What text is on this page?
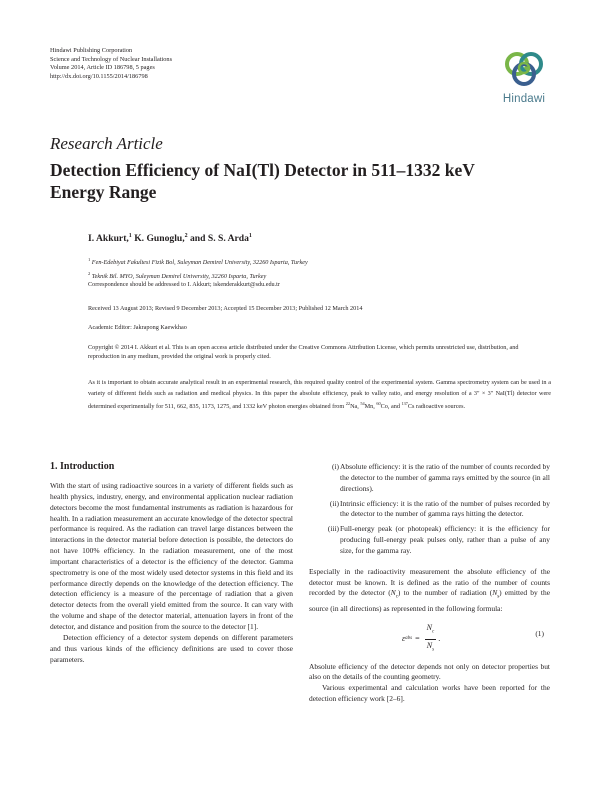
Hindawi Publishing Corporation
Science and Technology of Nuclear Installations
Volume 2014, Article ID 186798, 5 pages
http://dx.doi.org/10.1155/2014/186798
Hindawi
Research Article
Detection Efficiency of NaI(Tl) Detector in 511–1332 keV Energy Range
I. Akkurt,$^1$ K. Gunoglu,$^2$ and S. S. Arda$^1$
$^1$ Fen-Edebiyat Fakultesi Fizik Bol, Suleyman Demirel University, 32260 Isparta, Turkey
$^2$ Teknik Bil. MYO, Suleyman Demirel University, 32260 Isparta, Turkey
Correspondence should be addressed to I. Akkurt; iskenderakkurt@sdu.edu.tr
Received 13 August 2013; Revised 9 December 2013; Accepted 15 December 2013; Published 12 March 2014
Academic Editor: Jakrapong Kaewkhao
Copyright © 2014 I. Akkurt et al. This is an open access article distributed under the Creative Commons Attribution License, which permits unrestricted use, distribution, and reproduction in any medium, provided the original work is properly cited.
As it is important to obtain accurate analytical result in an experimental research, this required quality control of the experimental system. Gamma spectrometry system can be used in a variety of different fields such as radiation and medical physics. In this paper the absolute efficiency, peak to valley ratio, and energy resolution of a 3″ × 3″ NaI(Tl) detector were determined experimentally for 511, 662, 835, 1173, 1275, and 1332 keV photon energies obtained from $^{22}$Na, $^{54}$Mn, $^{60}$Co, and $^{137}$Cs radioactive sources.
1. Introduction

With the start of using radioactive sources in a variety of different fields such as health physics, industry, energy, and environmental application nuclear radiation detectors become the most fundamental instruments as radiation is hazardous for health. In a radiation measurement an accurate knowledge of the detector spectral performance is required. As the radiation can travel large distances between the interactions in the detector material before detection is possible, the detectors do not have 100% efficiency. In the radiation measurement, one of the most important characteristics of a detector is the efficiency of the detector. Gamma spectrometry is one of the most widely used detector systems in this field and its performance directly depends on the knowledge of the detection efficiency. The detection efficiency is a measure of the percentage of radiation that a given detector detects from the overall yield emitted from the source. It can vary with the volume and shape of the detector material, attenuation layers in front of the detector, and distance and position from the source to the detector [1].

Detection efficiency of a detector system depends on different parameters and thus various kinds of the efficiency definitions are used to cover those parameters.

(i) Absolute efficiency: it is the ratio of the number of counts recorded by the detector to the number of gamma rays emitted by the source (in all directions).
(ii) Intrinsic efficiency: it is the ratio of the number of pulses recorded by the detector to the number of gamma rays hitting the detector.
(iii) Full-energy peak (or photopeak) efficiency: it is the efficiency for producing full-energy peak pulses only, rather than a pulse of any size, for the gamma ray.

Especially in the radioactivity measurement the absolute efficiency of the detector must be known. It is defined as the ratio of the number of counts recorded by the detector $(N_c)$ to the number of radiation $(N_s)$ emitted by the source (in all directions) as represented in the following formula:

ε abs = $\frac{N_c}{N_s}$ .
(1)

Absolute efficiency of the detector depends not only on detector properties but also on the details of the counting geometry.

Various experimental and calculation works have been reported for the detection efficiency work [2–6].
